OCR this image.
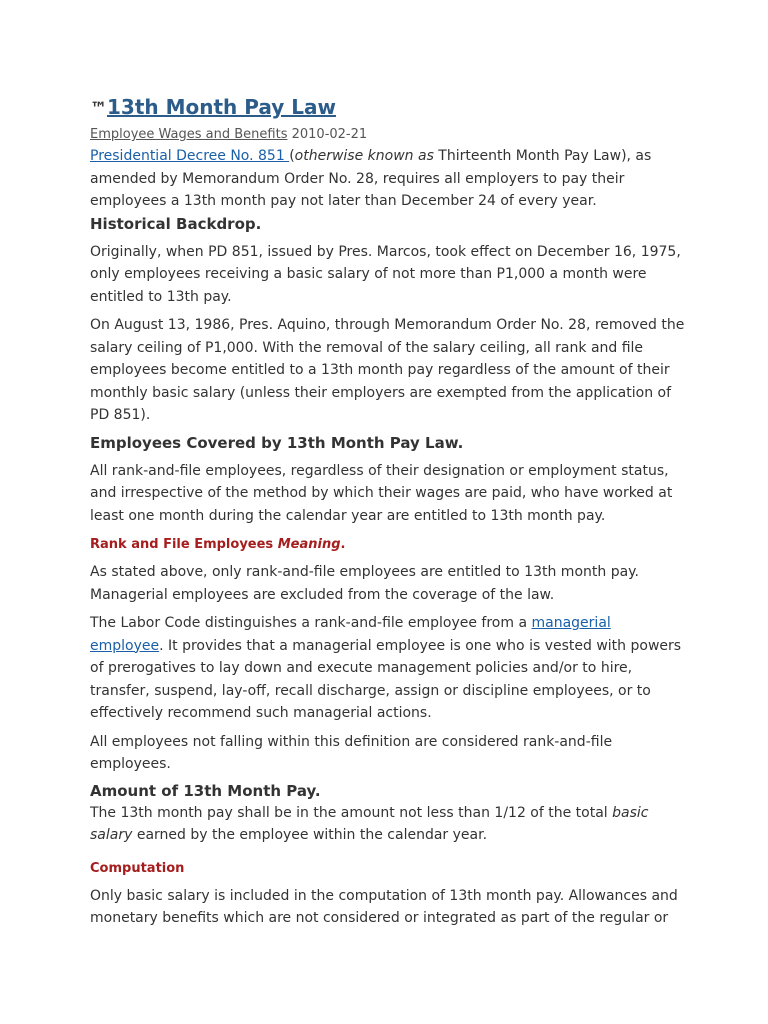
™13th Month Pay Law
Employee Wages and Benefits 2010-02-21

Presidential Decree No. 851 (otherwise known as Thirteenth Month Pay Law), as
amended by Memorandum Order No. 28, requires all employers to pay their
employees a 13th month pay not later than December 24 of every year.

Historical Backdrop.

Originally, when PD 851, issued by Pres. Marcos, took effect on December 16, 1975,
only employees receiving a basic salary of not more than P1,000 a month were
entitled to 13th pay.

On August 13, 1986, Pres. Aquino, through Memorandum Order No. 28, removed the
salary ceiling of P1,000. With the removal of the salary ceiling, all rank and file
employees become entitled to a 13th month pay regardless of the amount of their
monthly basic salary (unless their employers are exempted from the application of
PD 851).

Employees Covered by 13th Month Pay Law.

All rank-and-file employees, regardless of their designation or employment status,
and irrespective of the method by which their wages are paid, who have worked at
least one month during the calendar year are entitled to 13th month pay.

Rank and File Employees Meaning.

As stated above, only rank-and-file employees are entitled to 13th month pay.
Managerial employees are excluded from the coverage of the law.

The Labor Code distinguishes a rank-and-file employee from a managerial
employee. It provides that a managerial employee is one who is vested with powers
of prerogatives to lay down and execute management policies and/or to hire,
transfer, suspend, lay-off, recall discharge, assign or discipline employees, or to
effectively recommend such managerial actions.

All employees not falling within this definition are considered rank-and-file
employees.

Amount of 13th Month Pay.

The 13th month pay shall be in the amount not less than 1/12 of the total basic
salary earned by the employee within the calendar year.

Computation

Only basic salary is included in the computation of 13th month pay. Allowances and
monetary benefits which are not considered or integrated as part of the regular or
